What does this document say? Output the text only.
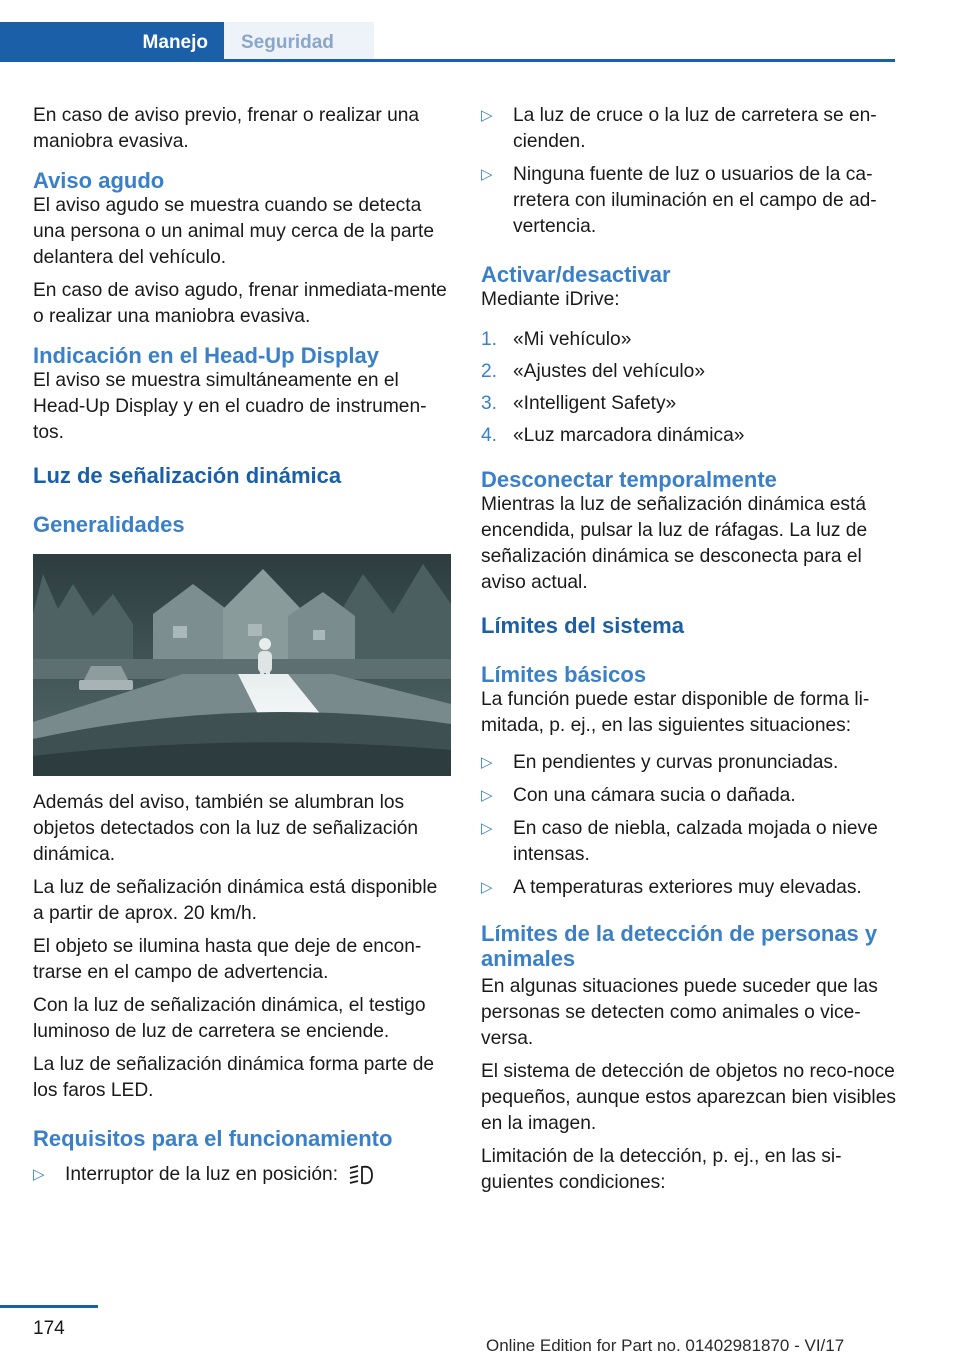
Manejo	Seguridad

En caso de aviso previo, frenar o realizar una maniobra evasiva.

Aviso agudo

El aviso agudo se muestra cuando se detecta una persona o un animal muy cerca de la parte delantera del vehículo.

En caso de aviso agudo, frenar inmediata-mente o realizar una maniobra evasiva.

Indicación en el Head-Up Display

El aviso se muestra simultáneamente en el Head-Up Display y en el cuadro de instrumen-tos.

Luz de señalización dinámica
Generalidades

Además del aviso, también se alumbran los objetos detectados con la luz de señalización dinámica.

La luz de señalización dinámica está disponible a partir de aprox. 20 km/h.

El objeto se ilumina hasta que deje de encon-trarse en el campo de advertencia.

Con la luz de señalización dinámica, el testigo luminoso de luz de carretera se enciende.

La luz de señalización dinámica forma parte de los faros LED.

Requisitos para el funcionamiento
▷	Interruptor de la luz en posición:
▷	La luz de cruce o la luz de carretera se en-cienden.
▷	Ninguna fuente de luz o usuarios de la ca-rretera con iluminación en el campo de ad-vertencia.
Activar/desactivar

Mediante iDrive:

1. «Mi vehículo»
2. «Ajustes del vehículo»
3. «Intelligent Safety»
4. «Luz marcadora dinámica»
Desconectar temporalmente

Mientras la luz de señalización dinámica está encendida, pulsar la luz de ráfagas. La luz de señalización dinámica se desconecta para el aviso actual.

Límites del sistema
Límites básicos

La función puede estar disponible de forma li-mitada, p. ej., en las siguientes situaciones:

▷	En pendientes y curvas pronunciadas.
▷	Con una cámara sucia o dañada.
▷	En caso de niebla, calzada mojada o nieve intensas.
▷	A temperaturas exteriores muy elevadas.
Límites de la detección de personas y animales

En algunas situaciones puede suceder que las personas se detecten como animales o vice-versa.

El sistema de detección de objetos no reco-noce pequeños, aunque estos aparezcan bien visibles en la imagen.

Limitación de la detección, p. ej., en las si-guientes condiciones:

174
Online Edition for Part no. 01402981870 - VI/17
